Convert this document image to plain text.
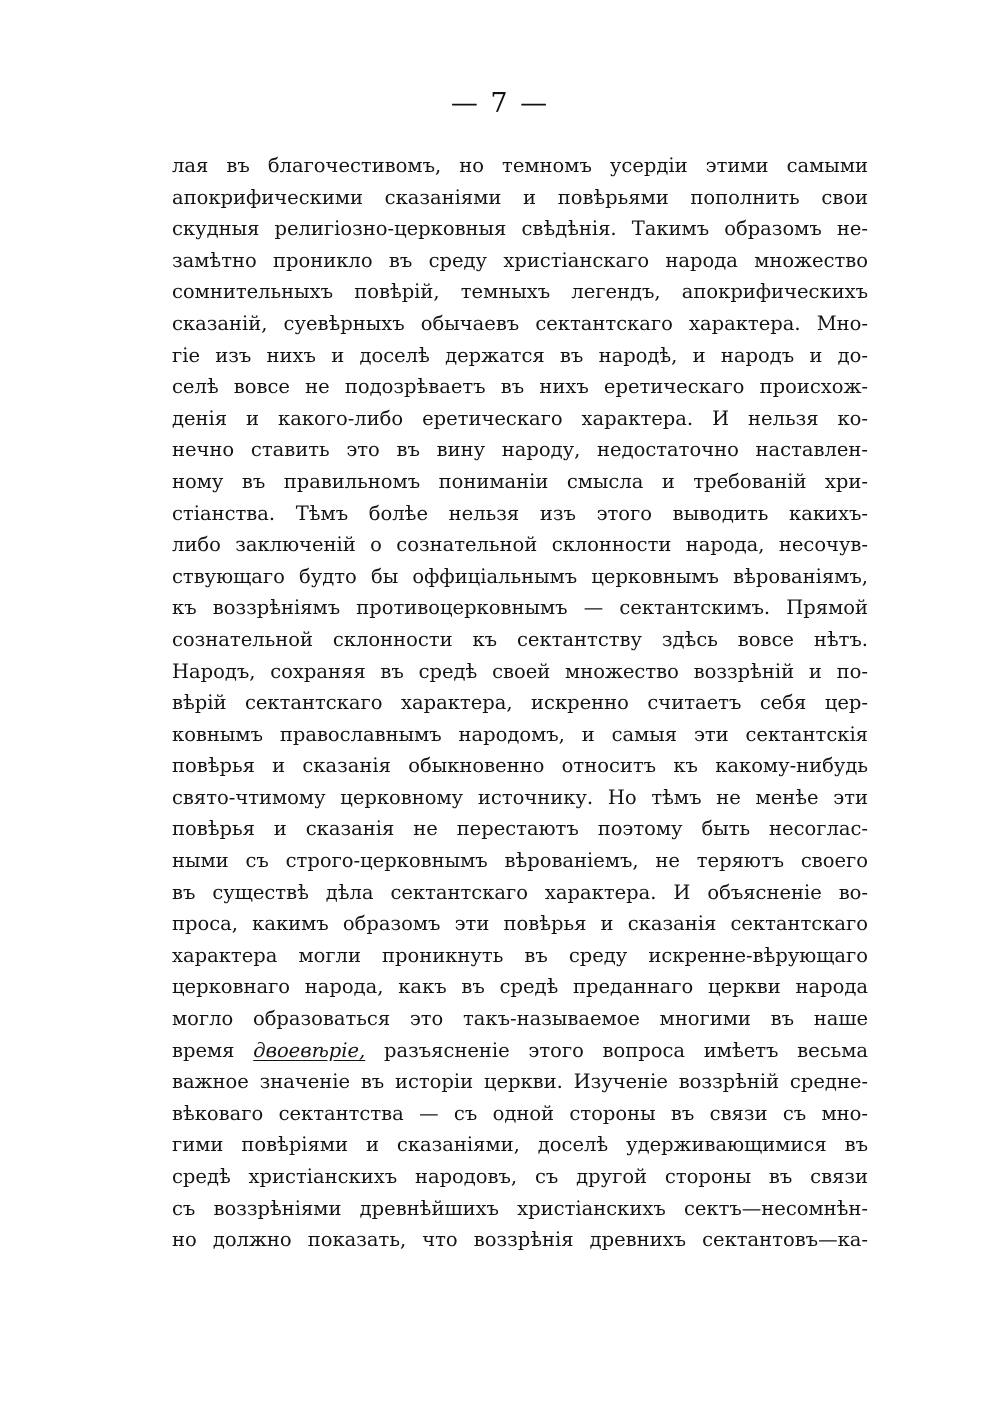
— 7 —
лая въ благочестивомъ, но темномъ усердiи этими самыми
апокрифическими сказанiями и повѣрьями пополнить свои
скудныя религiозно-церковныя свѣдѣнiя. Такимъ образомъ не-
замѣтно проникло въ среду христiанскаго народа множество
сомнительныхъ повѣрiй, темныхъ легендъ, апокрифическихъ
сказанiй, суевѣрныхъ обычаевъ сектантскаго характера. Мно-
гiе изъ нихъ и доселѣ держатся въ народѣ, и народъ и до-
селѣ вовсе не подозрѣваетъ въ нихъ еретическаго происхож-
денiя и какого-либо еретическаго характера. И нельзя ко-
нечно ставить это въ вину народу, недостаточно наставлен-
ному въ правильномъ пониманiи смысла и требованiй хри-
стiанства. Тѣмъ болѣе нельзя изъ этого выводить какихъ-
либо заключенiй о сознательной склонности народа, несочув-
ствующаго будто бы оффицiальнымъ церковнымъ вѣрованiямъ,
къ воззрѣнiямъ противоцерковнымъ — сектантскимъ. Прямой
сознательной склонности къ сектантству здѣсь вовсе нѣтъ.
Народъ, сохраняя въ средѣ своей множество воззрѣнiй и по-
вѣрiй сектантскаго характера, искренно считаетъ себя цер-
ковнымъ православнымъ народомъ, и самыя эти сектантскiя
повѣрья и сказанiя обыкновенно относитъ къ какому-нибудь
свято-чтимому церковному источнику. Но тѣмъ не менѣе эти
повѣрья и сказанiя не перестаютъ поэтому быть несоглас-
ными съ строго-церковнымъ вѣрованiемъ, не теряютъ своего
въ существѣ дѣла сектантскаго характера. И объясненiе во-
проса, какимъ образомъ эти повѣрья и сказанiя сектантскаго
характера могли проникнуть въ среду искренне-вѣрующаго
церковнаго народа, какъ въ средѣ преданнаго церкви народа
могло образоваться это такъ-называемое многими въ наше
время двоевѣрiе, разъясненiе этого вопроса имѣетъ весьма
важное значенiе въ исторiи церкви. Изученiе воззрѣнiй средне-
вѣковаго сектантства — съ одной стороны въ связи съ мно-
гими повѣрiями и сказанiями, доселѣ удерживающимися въ
средѣ христiанскихъ народовъ, съ другой стороны въ связи
съ воззрѣнiями древнѣйшихъ христiанскихъ сектъ—несомнѣн-
но должно показать, что воззрѣнiя древнихъ сектантовъ—ка-
